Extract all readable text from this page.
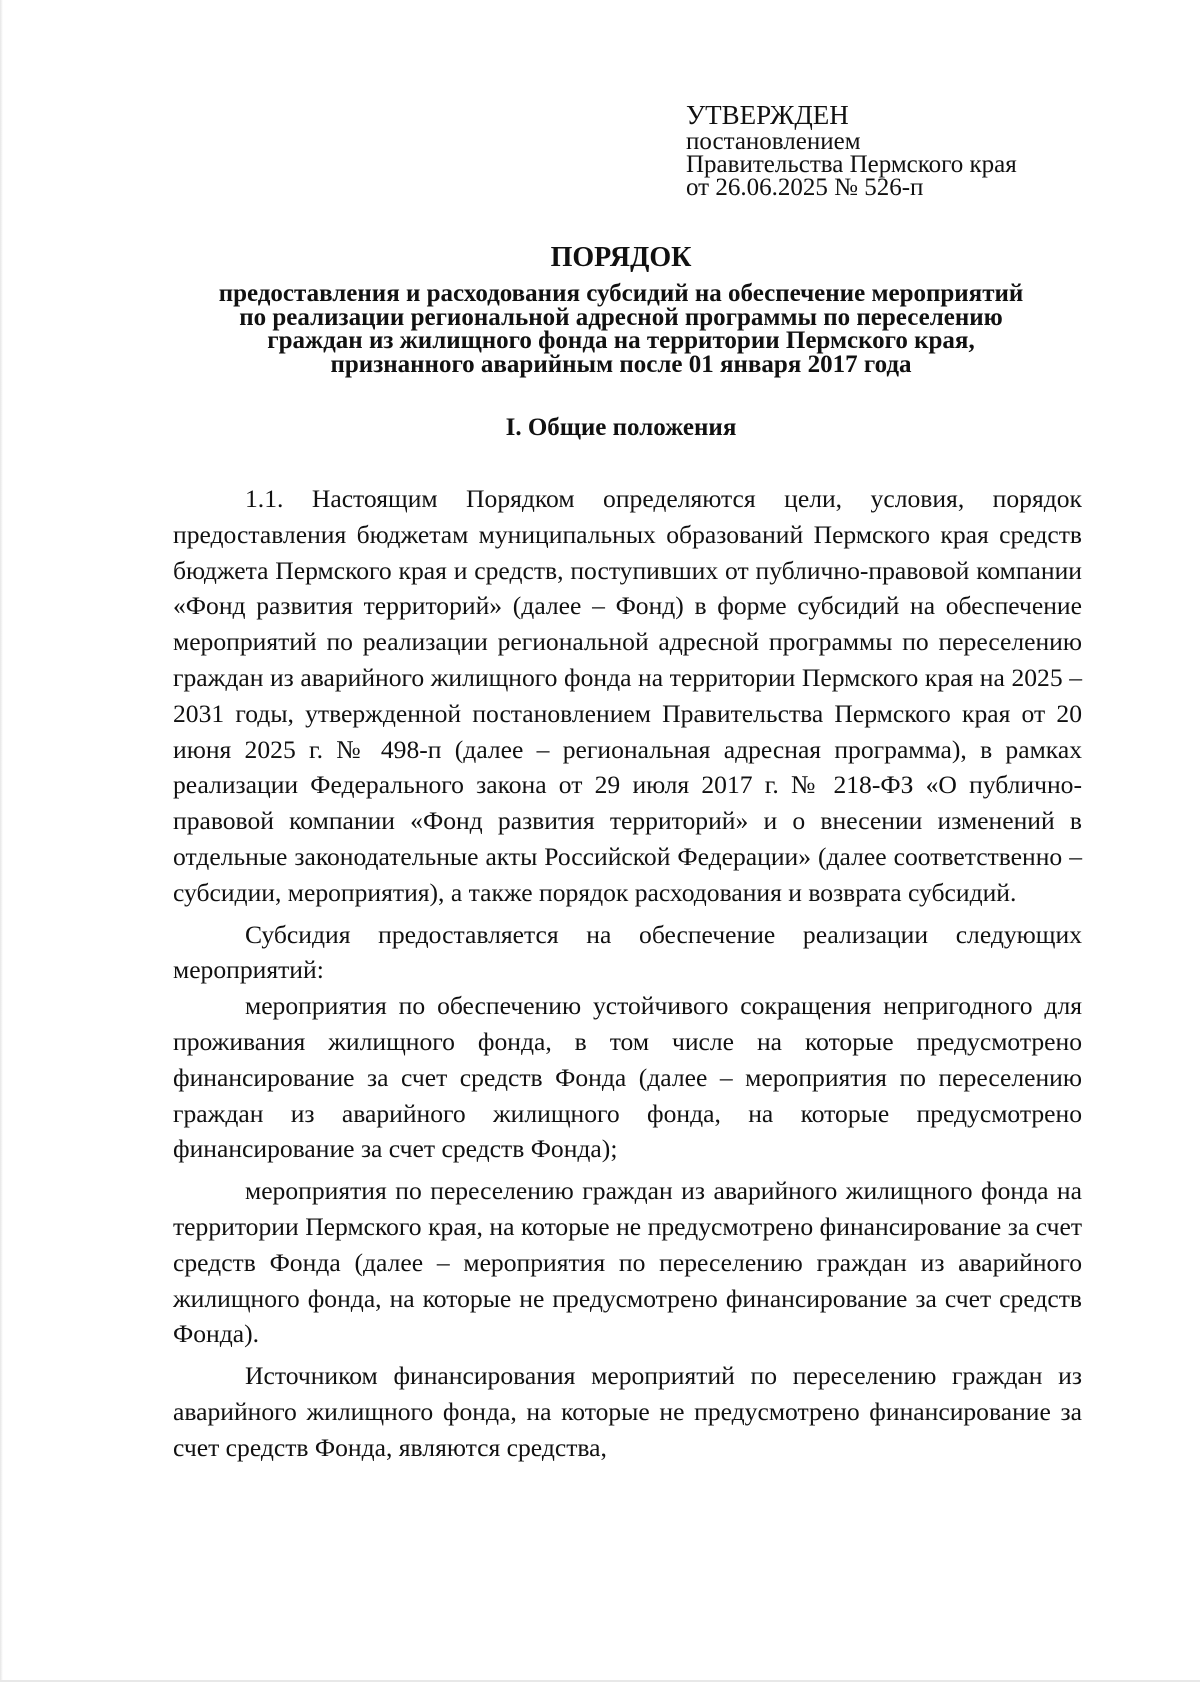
УТВЕРЖДЕН
постановлением
Правительства Пермского края
от 26.06.2025 № 526-п
ПОРЯДОК
предоставления и расходования субсидий на обеспечение мероприятий
по реализации региональной адресной программы по переселению
граждан из жилищного фонда на территории Пермского края,
признанного аварийным после 01 января 2017 года
I. Общие положения

1.1. Настоящим Порядком определяются цели, условия, порядок предоставления бюджетам муниципальных образований Пермского края средств бюджета Пермского края и средств, поступивших от публично-правовой компании «Фонд развития территорий» (далее – Фонд) в форме субсидий на обеспечение мероприятий по реализации региональной адресной программы по переселению граждан из аварийного жилищного фонда на территории Пермского края на 2025 – 2031 годы, утвержденной постановлением Правительства Пермского края от 20 июня 2025 г. № 498-п (далее – региональная адресная программа), в рамках реализации Федерального закона от 29 июля 2017 г. № 218-ФЗ «О публично-правовой компании «Фонд развития территорий» и о внесении изменений в отдельные законодательные акты Российской Федерации» (далее соответственно – субсидии, мероприятия), а также порядок расходования и возврата субсидий.

Субсидия предоставляется на обеспечение реализации следующих мероприятий:

мероприятия по обеспечению устойчивого сокращения непригодного для проживания жилищного фонда, в том числе на которые предусмотрено финансирование за счет средств Фонда (далее – мероприятия по переселению граждан из аварийного жилищного фонда, на которые предусмотрено финансирование за счет средств Фонда);

мероприятия по переселению граждан из аварийного жилищного фонда на территории Пермского края, на которые не предусмотрено финансирование за счет средств Фонда (далее – мероприятия по переселению граждан из аварийного жилищного фонда, на которые не предусмотрено финансирование за счет средств Фонда).

Источником финансирования мероприятий по переселению граждан из аварийного жилищного фонда, на которые не предусмотрено финансирование за счет средств Фонда, являются средства,
